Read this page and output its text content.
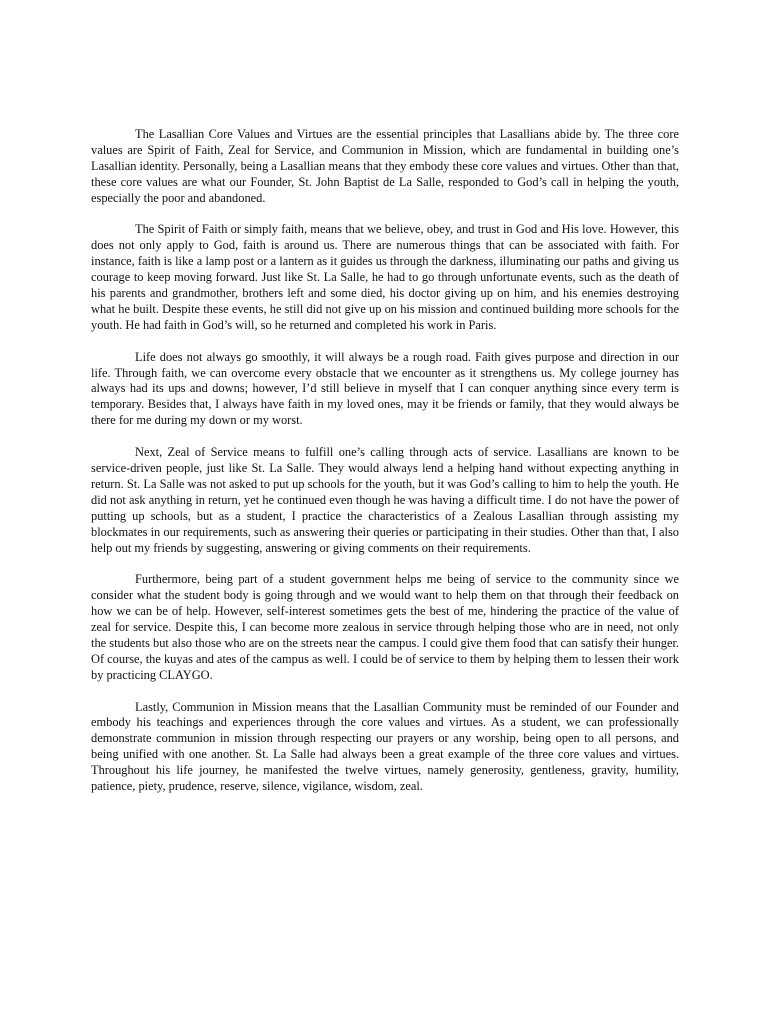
The Lasallian Core Values and Virtues are the essential principles that Lasallians abide by. The three core values are Spirit of Faith, Zeal for Service, and Communion in Mission, which are fundamental in building one’s Lasallian identity. Personally, being a Lasallian means that they embody these core values and virtues. Other than that, these core values are what our Founder, St. John Baptist de La Salle, responded to God’s call in helping the youth, especially the poor and abandoned.

The Spirit of Faith or simply faith, means that we believe, obey, and trust in God and His love. However, this does not only apply to God, faith is around us. There are numerous things that can be associated with faith. For instance, faith is like a lamp post or a lantern as it guides us through the darkness, illuminating our paths and giving us courage to keep moving forward. Just like St. La Salle, he had to go through unfortunate events, such as the death of his parents and grandmother, brothers left and some died, his doctor giving up on him, and his enemies destroying what he built. Despite these events, he still did not give up on his mission and continued building more schools for the youth. He had faith in God’s will, so he returned and completed his work in Paris.

Life does not always go smoothly, it will always be a rough road. Faith gives purpose and direction in our life. Through faith, we can overcome every obstacle that we encounter as it strengthens us. My college journey has always had its ups and downs; however, I’d still believe in myself that I can conquer anything since every term is temporary. Besides that, I always have faith in my loved ones, may it be friends or family, that they would always be there for me during my down or my worst.

Next, Zeal of Service means to fulfill one’s calling through acts of service. Lasallians are known to be service-driven people, just like St. La Salle. They would always lend a helping hand without expecting anything in return. St. La Salle was not asked to put up schools for the youth, but it was God’s calling to him to help the youth. He did not ask anything in return, yet he continued even though he was having a difficult time. I do not have the power of putting up schools, but as a student, I practice the characteristics of a Zealous Lasallian through assisting my blockmates in our requirements, such as answering their queries or participating in their studies. Other than that, I also help out my friends by suggesting, answering or giving comments on their requirements.

Furthermore, being part of a student government helps me being of service to the community since we consider what the student body is going through and we would want to help them on that through their feedback on how we can be of help. However, self-interest sometimes gets the best of me, hindering the practice of the value of zeal for service. Despite this, I can become more zealous in service through helping those who are in need, not only the students but also those who are on the streets near the campus. I could give them food that can satisfy their hunger. Of course, the kuyas and ates of the campus as well. I could be of service to them by helping them to lessen their work by practicing CLAYGO.

Lastly, Communion in Mission means that the Lasallian Community must be reminded of our Founder and embody his teachings and experiences through the core values and virtues. As a student, we can professionally demonstrate communion in mission through respecting our prayers or any worship, being open to all persons, and being unified with one another. St. La Salle had always been a great example of the three core values and virtues. Throughout his life journey, he manifested the twelve virtues, namely generosity, gentleness, gravity, humility, patience, piety, prudence, reserve, silence, vigilance, wisdom, zeal.
